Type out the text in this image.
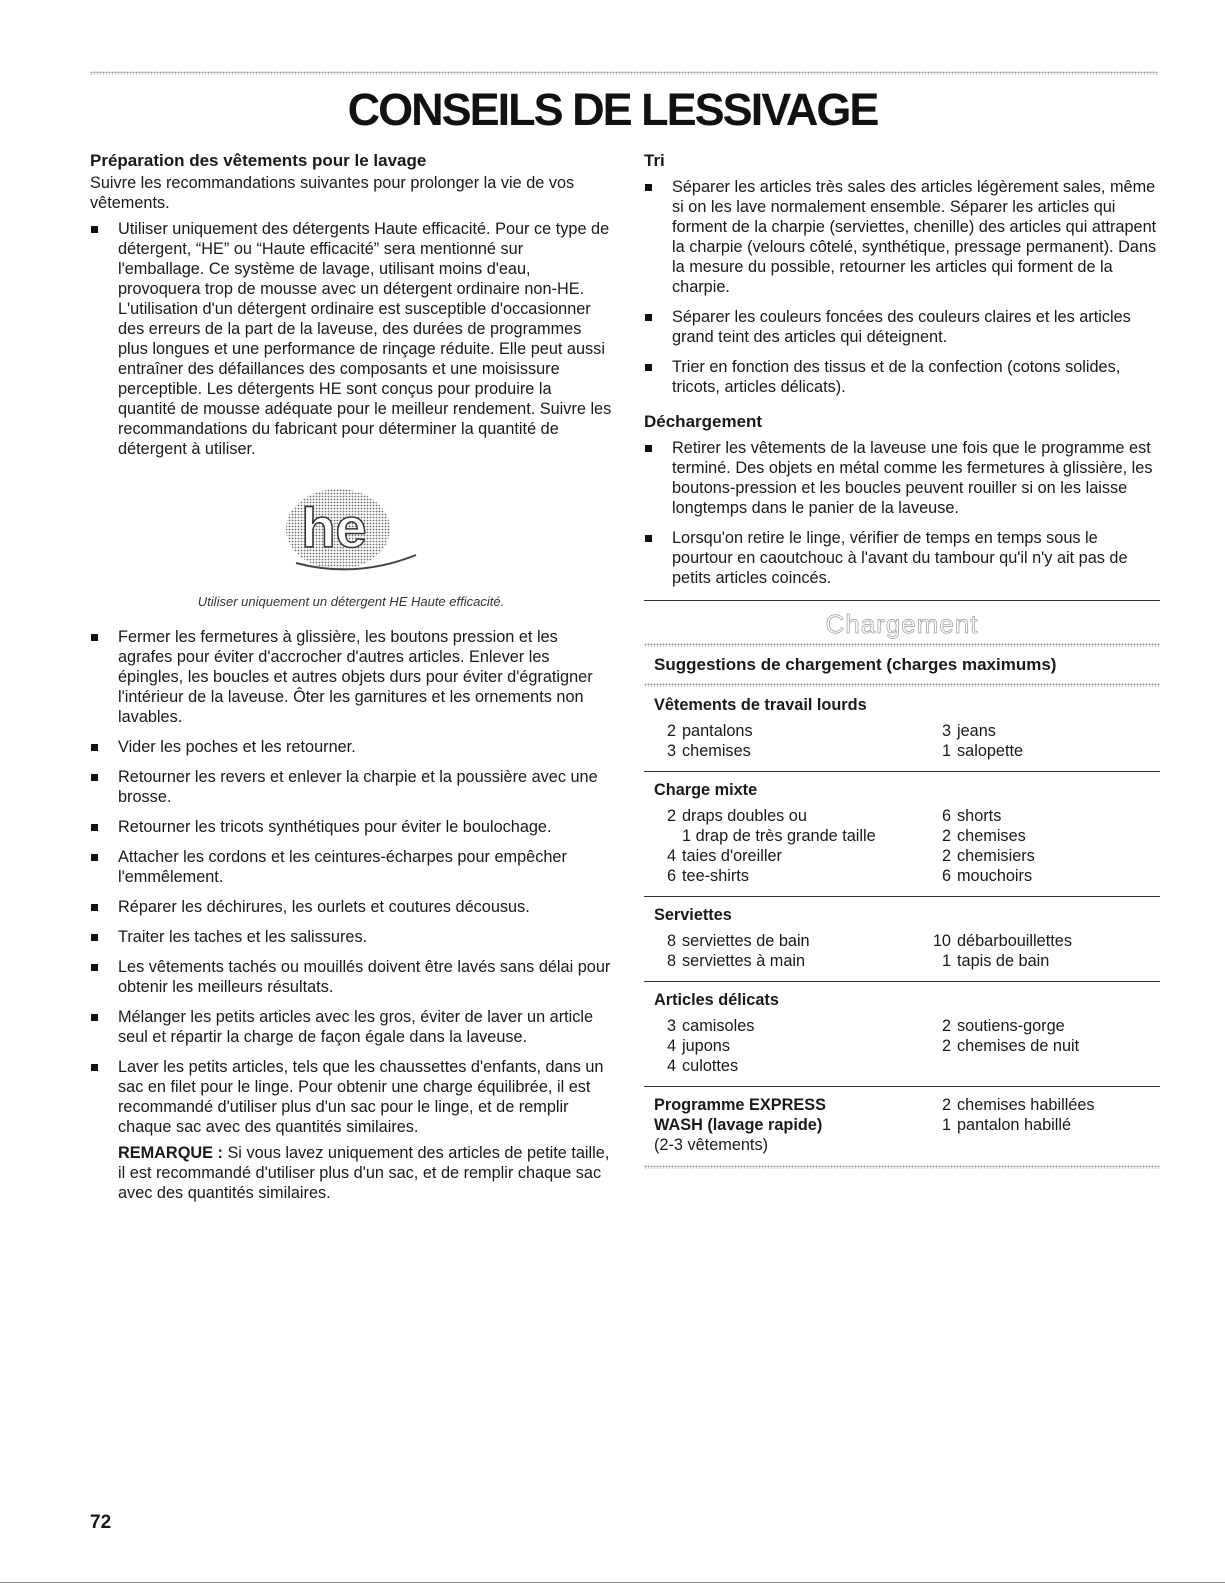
CONSEILS DE LESSIVAGE
Préparation des vêtements pour le lavage

Suivre les recommandations suivantes pour prolonger la vie de vos vêtements.

Utiliser uniquement des détergents Haute efficacité. Pour ce type de détergent, “HE” ou “Haute efficacité” sera mentionné sur l'emballage. Ce système de lavage, utilisant moins d'eau, provoquera trop de mousse avec un détergent ordinaire non-HE. L'utilisation d'un détergent ordinaire est susceptible d'occasionner des erreurs de la part de la laveuse, des durées de programmes plus longues et une performance de rinçage réduite. Elle peut aussi entraîner des défaillances des composants et une moisissure perceptible. Les détergents HE sont conçus pour produire la quantité de mousse adéquate pour le meilleur rendement. Suivre les recommandations du fabricant pour déterminer la quantité de détergent à utiliser.
he
Utiliser uniquement un détergent HE Haute efficacité.
Fermer les fermetures à glissière, les boutons pression et les agrafes pour éviter d'accrocher d'autres articles. Enlever les épingles, les boucles et autres objets durs pour éviter d'égratigner l'intérieur de la laveuse. Ôter les garnitures et les ornements non lavables.
Vider les poches et les retourner.
Retourner les revers et enlever la charpie et la poussière avec une brosse.
Retourner les tricots synthétiques pour éviter le boulochage.
Attacher les cordons et les ceintures-écharpes pour empêcher l'emmêlement.
Réparer les déchirures, les ourlets et coutures décousus.
Traiter les taches et les salissures.
Les vêtements tachés ou mouillés doivent être lavés sans délai pour obtenir les meilleurs résultats.
Mélanger les petits articles avec les gros, éviter de laver un article seul et répartir la charge de façon égale dans la laveuse.
Laver les petits articles, tels que les chaussettes d'enfants, dans un sac en filet pour le linge. Pour obtenir une charge équilibrée, il est recommandé d'utiliser plus d'un sac pour le linge, et de remplir chaque sac avec des quantités similaires.
REMARQUE : Si vous lavez uniquement des articles de petite taille, il est recommandé d'utiliser plus d'un sac, et de remplir chaque sac avec des quantités similaires.
Tri
Séparer les articles très sales des articles légèrement sales, même si on les lave normalement ensemble. Séparer les articles qui forment de la charpie (serviettes, chenille) des articles qui attrapent la charpie (velours côtelé, synthétique, pressage permanent). Dans la mesure du possible, retourner les articles qui forment de la charpie.
Séparer les couleurs foncées des couleurs claires et les articles grand teint des articles qui déteignent.
Trier en fonction des tissus et de la confection (cotons solides, tricots, articles délicats).
Déchargement
Retirer les vêtements de la laveuse une fois que le programme est terminé. Des objets en métal comme les fermetures à glissière, les boutons-pression et les boucles peuvent rouiller si on les laisse longtemps dans le panier de la laveuse.
Lorsqu'on retire le linge, vérifier de temps en temps sous le pourtour en caoutchouc à l'avant du tambour qu'il n'y ait pas de petits articles coincés.
Chargement
Suggestions de chargement (charges maximums)
Vêtements de travail lourds
2 pantalons	3 jeans
3 chemises	1 salopette
Charge mixte
2 draps doubles ou	6 shorts
1 drap de très grande taille	2 chemises
4 taies d'oreiller	2 chemisiers
6 tee-shirts	6 mouchoirs
Serviettes
8 serviettes de bain	10 débarbouillettes
8 serviettes à main	1 tapis de bain
Articles délicats
3 camisoles	2 soutiens-gorge
4 jupons	2 chemises de nuit
4 culottes
Programme EXPRESS	2 chemises habillées
WASH (lavage rapide)	1 pantalon habillé
(2-3 vêtements)
72
